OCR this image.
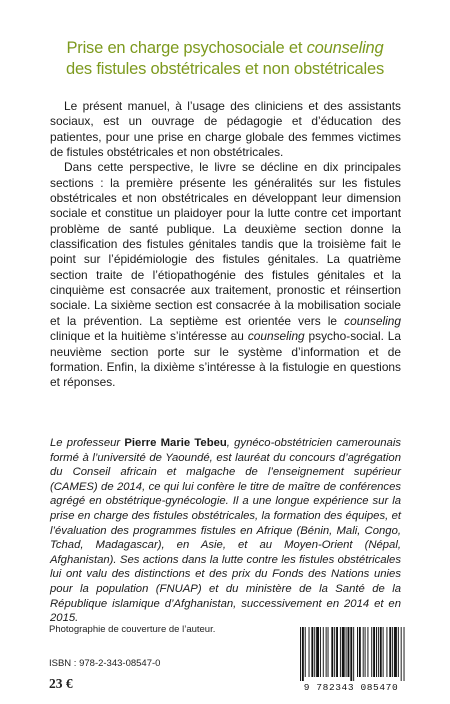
Prise en charge psychosociale et counseling
des fistules obstétricales et non obstétricales

Le présent manuel, à l’usage des cliniciens et des assistants sociaux, est un ouvrage de pédagogie et d’éducation des patientes, pour une prise en charge globale des femmes victimes de fistules obstétricales et non obstétricales.

Dans cette perspective, le livre se décline en dix principales sections : la première présente les généralités sur les fistules obstétricales et non obstétricales en développant leur dimension sociale et constitue un plaidoyer pour la lutte contre cet important problème de santé publique. La deuxième section donne la classification des fistules génitales tandis que la troisième fait le point sur l’épidémiologie des fistules génitales. La quatrième section traite de l’étiopathogénie des fistules génitales et la cinquième est consacrée aux traitement, pronostic et réinsertion sociale. La sixième section est consacrée à la mobilisation sociale et la prévention. La septième est orientée vers le counseling clinique et la huitième s’intéresse au counseling psycho-social. La neuvième section porte sur le système d’information et de formation. Enfin, la dixième s’intéresse à la fistulogie en questions et réponses.

Le professeur Pierre Marie Tebeu, gynéco-obstétricien camerounais formé à l’université de Yaoundé, est lauréat du concours d’agrégation du Conseil africain et malgache de l’enseignement supérieur (CAMES) de 2014, ce qui lui confère le titre de maître de conférences agrégé en obstétrique-gynécologie. Il a une longue expérience sur la prise en charge des fistules obstétricales, la formation des équipes, et l’évaluation des programmes fistules en Afrique (Bénin, Mali, Congo, Tchad, Madagascar), en Asie, et au Moyen-Orient (Népal, Afghanistan). Ses actions dans la lutte contre les fistules obstétricales lui ont valu des distinctions et des prix du Fonds des Nations unies pour la population (FNUAP) et du ministère de la Santé de la République islamique d’Afghanistan, successivement en 2014 et en 2015.

Photographie de couverture de l’auteur.
ISBN : 978-2-343-08547-0
23 €	9 782343 085470
